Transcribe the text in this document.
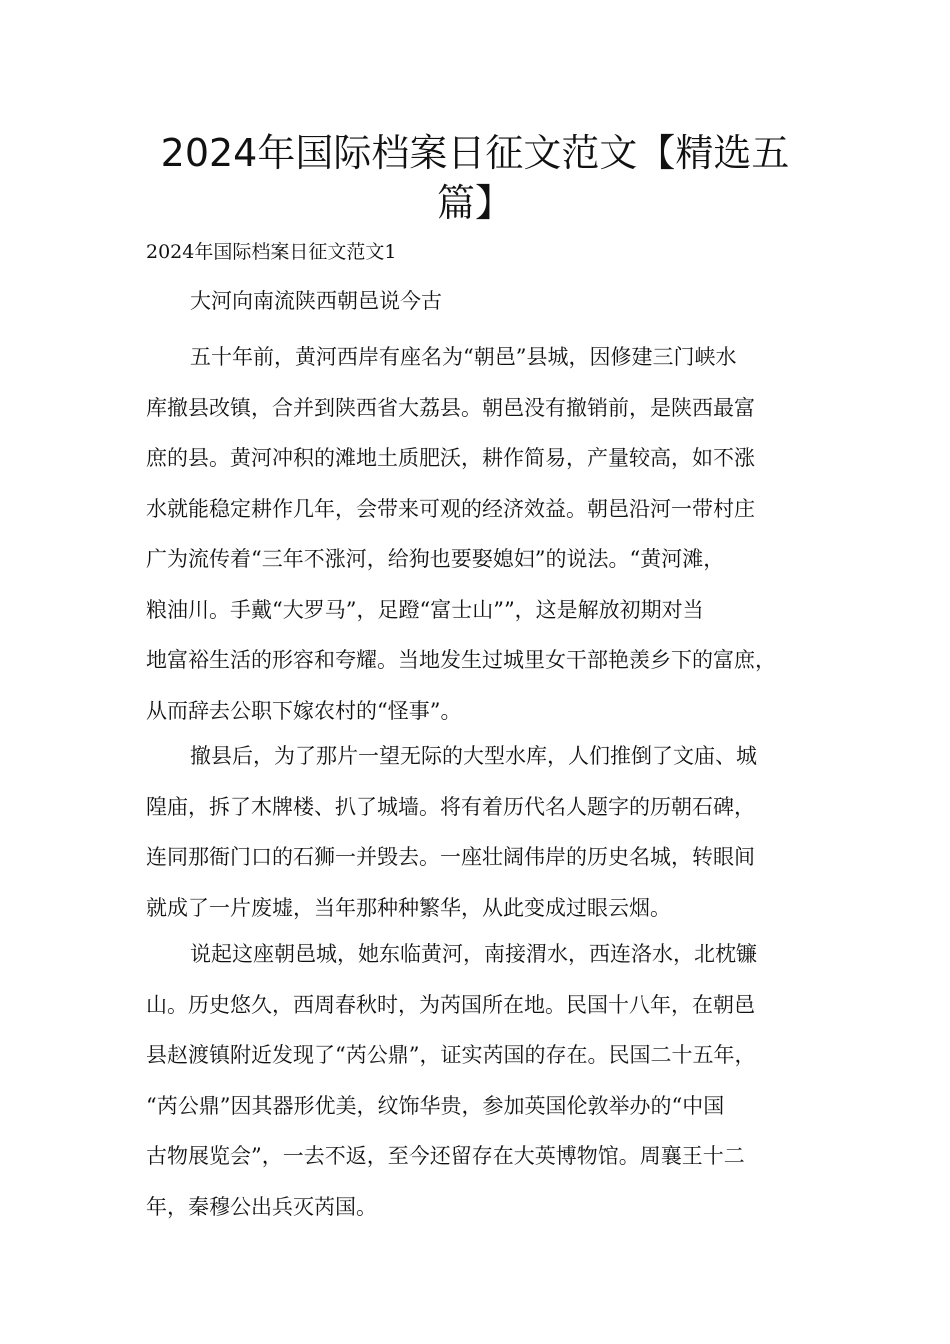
2024年国际档案日征文范文【精选五
篇】
2024年国际档案日征文范文1
大河向南流陕西朝邑说今古
五十年前，黄河西岸有座名为“朝邑”县城，因修建三门峡水
库撤县改镇，合并到陕西省大荔县。朝邑没有撤销前，是陕西最富
庶的县。黄河冲积的滩地土质肥沃，耕作简易，产量较高，如不涨
水就能稳定耕作几年，会带来可观的经济效益。朝邑沿河一带村庄
广为流传着“三年不涨河，给狗也要娶媳妇”的说法。“黄河滩，
粮油川。手戴“大罗马”，足蹬“富士山””，这是解放初期对当
地富裕生活的形容和夸耀。当地发生过城里女干部艳羡乡下的富庶，
从而辞去公职下嫁农村的“怪事”。
撤县后，为了那片一望无际的大型水库，人们推倒了文庙、城
隍庙，拆了木牌楼、扒了城墙。将有着历代名人题字的历朝石碑，
连同那衙门口的石狮一并毁去。一座壮阔伟岸的历史名城，转眼间
就成了一片废墟，当年那种种繁华，从此变成过眼云烟。
说起这座朝邑城，她东临黄河，南接渭水，西连洛水，北枕镰
山。历史悠久，西周春秋时，为芮国所在地。民国十八年，在朝邑
县赵渡镇附近发现了“芮公鼎”，证实芮国的存在。民国二十五年，
“芮公鼎”因其器形优美，纹饰华贵，参加英国伦敦举办的“中国
古物展览会”，一去不返，至今还留存在大英博物馆。周襄王十二
年，秦穆公出兵灭芮国。
